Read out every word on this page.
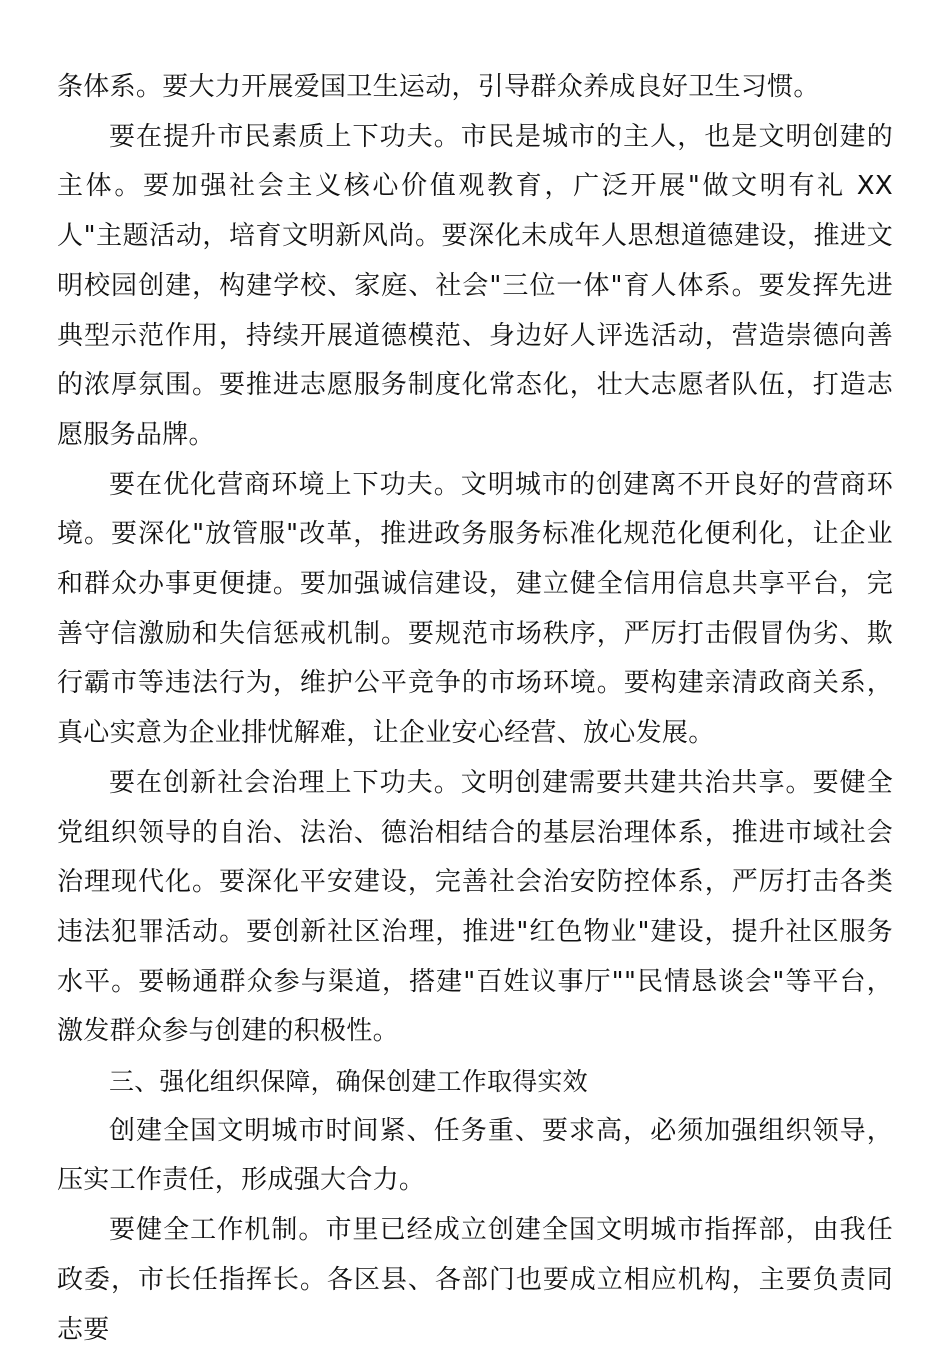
条体系。要大力开展爱国卫生运动，引导群众养成良好卫生习惯。

要在提升市民素质上下功夫。市民是城市的主人，也是文明创建的主体。要加强社会主义核心价值观教育，广泛开展"做文明有礼 XX 人"主题活动，培育文明新风尚。要深化未成年人思想道德建设，推进文明校园创建，构建学校、家庭、社会"三位一体"育人体系。要发挥先进典型示范作用，持续开展道德模范、身边好人评选活动，营造崇德向善的浓厚氛围。要推进志愿服务制度化常态化，壮大志愿者队伍，打造志愿服务品牌。

要在优化营商环境上下功夫。文明城市的创建离不开良好的营商环境。要深化"放管服"改革，推进政务服务标准化规范化便利化，让企业和群众办事更便捷。要加强诚信建设，建立健全信用信息共享平台，完善守信激励和失信惩戒机制。要规范市场秩序，严厉打击假冒伪劣、欺行霸市等违法行为，维护公平竞争的市场环境。要构建亲清政商关系，真心实意为企业排忧解难，让企业安心经营、放心发展。

要在创新社会治理上下功夫。文明创建需要共建共治共享。要健全党组织领导的自治、法治、德治相结合的基层治理体系，推进市域社会治理现代化。要深化平安建设，完善社会治安防控体系，严厉打击各类违法犯罪活动。要创新社区治理，推进"红色物业"建设，提升社区服务水平。要畅通群众参与渠道，搭建"百姓议事厅""民情恳谈会"等平台，激发群众参与创建的积极性。

三、强化组织保障，确保创建工作取得实效

创建全国文明城市时间紧、任务重、要求高，必须加强组织领导，压实工作责任，形成强大合力。

要健全工作机制。市里已经成立创建全国文明城市指挥部，由我任政委，市长任指挥长。各区县、各部门也要成立相应机构，主要负责同志要
